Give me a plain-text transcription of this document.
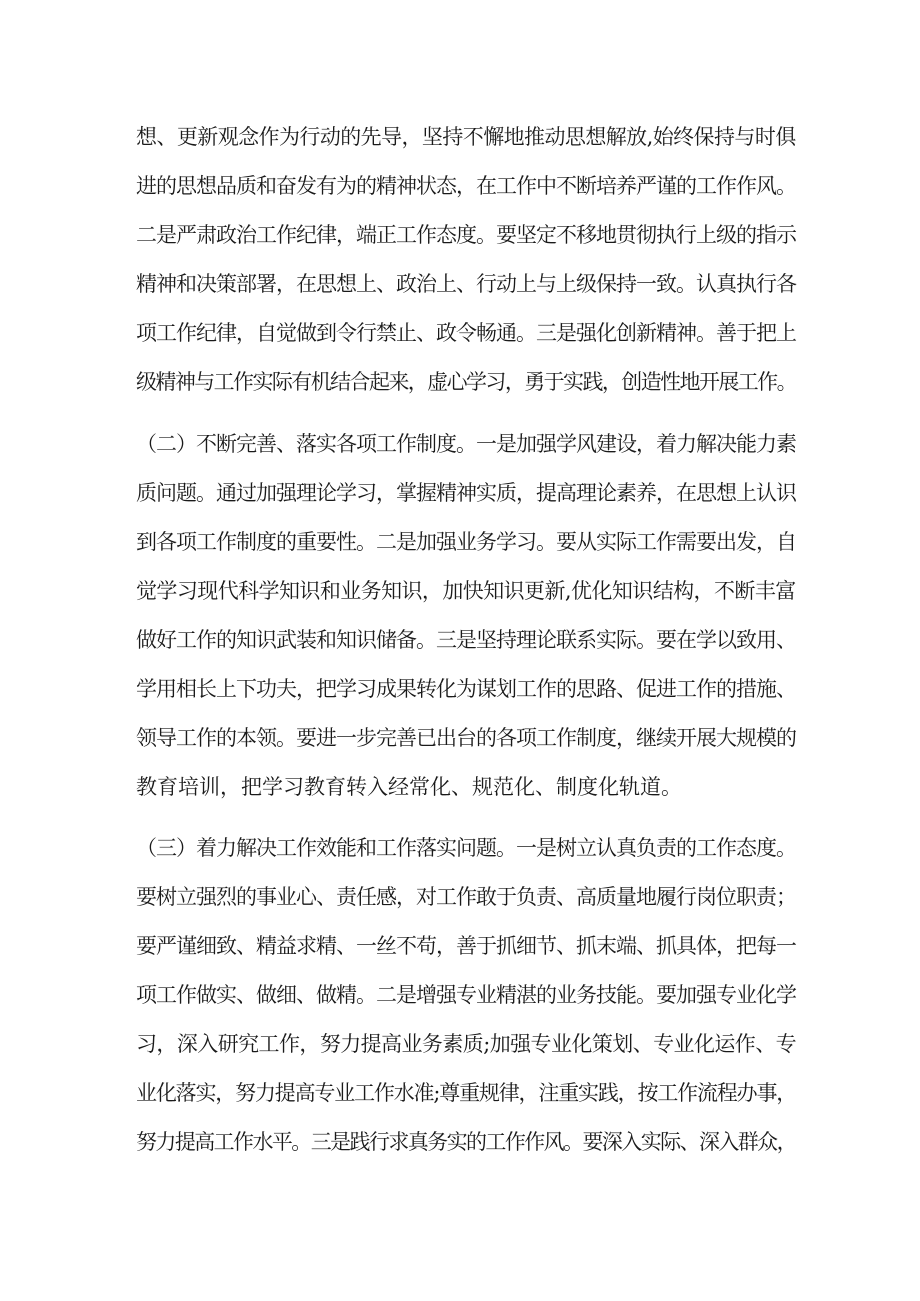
想、更新观念作为行动的先导，坚持不懈地推动思想解放,始终保持与时俱
进的思想品质和奋发有为的精神状态，在工作中不断培养严谨的工作作风。
二是严肃政治工作纪律，端正工作态度。要坚定不移地贯彻执行上级的指示
精神和决策部署，在思想上、政治上、行动上与上级保持一致。认真执行各
项工作纪律，自觉做到令行禁止、政令畅通。三是强化创新精神。善于把上
级精神与工作实际有机结合起来，虚心学习，勇于实践，创造性地开展工作。
（二）不断完善、落实各项工作制度。一是加强学风建设，着力解决能力素
质问题。通过加强理论学习，掌握精神实质，提高理论素养，在思想上认识
到各项工作制度的重要性。二是加强业务学习。要从实际工作需要出发，自
觉学习现代科学知识和业务知识，加快知识更新,优化知识结构，不断丰富
做好工作的知识武装和知识储备。三是坚持理论联系实际。要在学以致用、
学用相长上下功夫，把学习成果转化为谋划工作的思路、促进工作的措施、
领导工作的本领。要进一步完善已出台的各项工作制度，继续开展大规模的
教育培训，把学习教育转入经常化、规范化、制度化轨道。
（三）着力解决工作效能和工作落实问题。一是树立认真负责的工作态度。
要树立强烈的事业心、责任感，对工作敢于负责、高质量地履行岗位职责；
要严谨细致、精益求精、一丝不苟，善于抓细节、抓末端、抓具体，把每一
项工作做实、做细、做精。二是增强专业精湛的业务技能。要加强专业化学
习，深入研究工作，努力提高业务素质;加强专业化策划、专业化运作、专
业化落实，努力提高专业工作水准;尊重规律，注重实践，按工作流程办事，
努力提高工作水平。三是践行求真务实的工作作风。要深入实际、深入群众，
